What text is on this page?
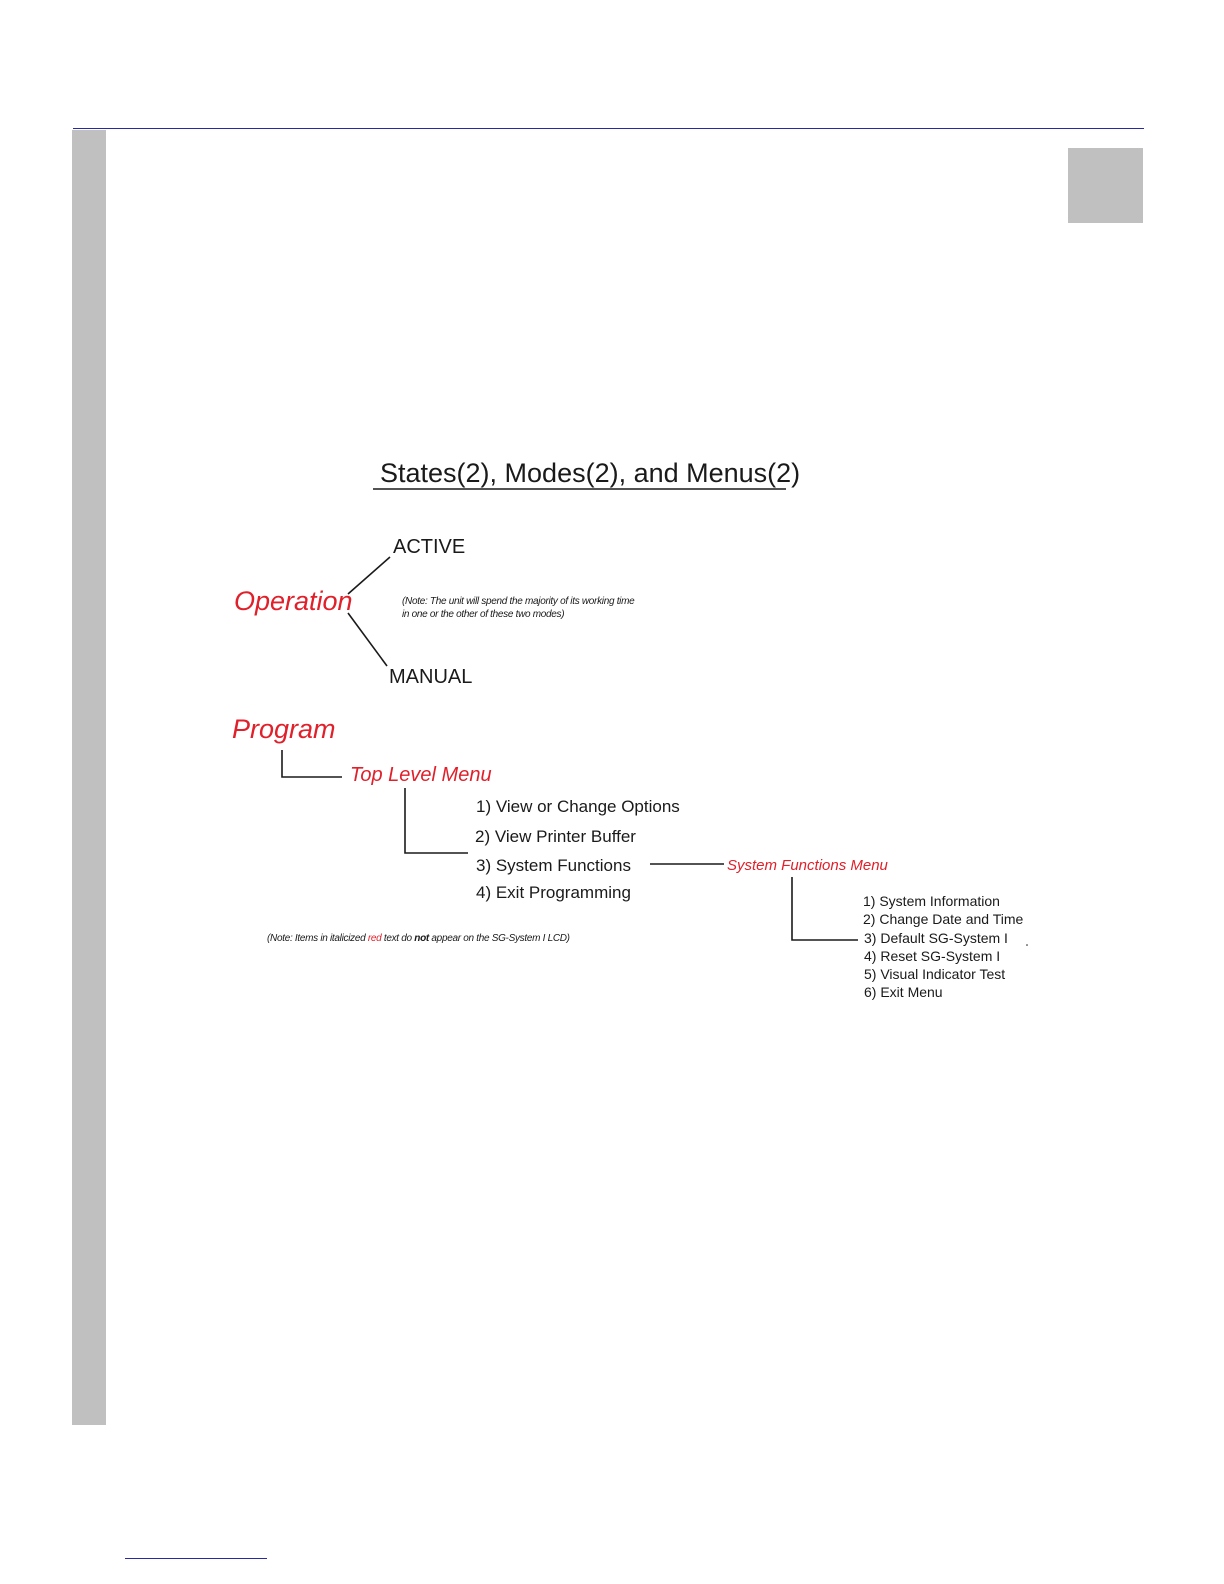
States(2), Modes(2), and Menus(2)
Operation
ACTIVE
MANUAL
(Note: The unit will spend the majority of its working time
in one or the other of these two modes)
Program
Top Level Menu
1) View or Change Options
2) View Printer Buffer
3) System Functions
4) Exit Programming
System Functions Menu
1) System Information
2) Change Date and Time
3) Default SG-System I
4) Reset SG-System I
5) Visual Indicator Test
6) Exit Menu
(Note: Items in italicized red text do not appear on the SG-System I LCD)
